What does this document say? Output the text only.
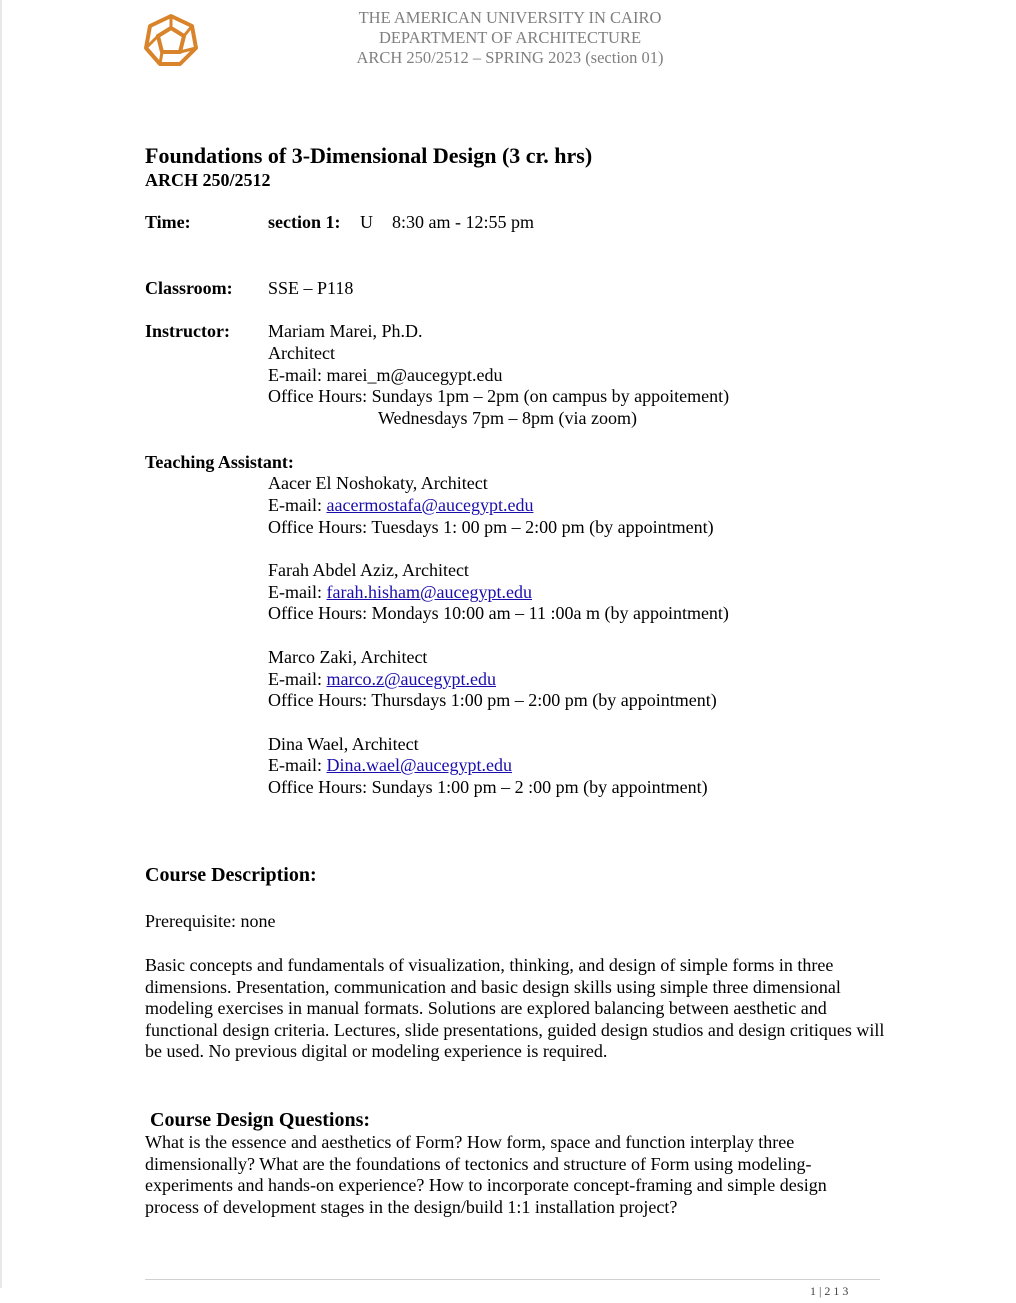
THE AMERICAN UNIVERSITY IN CAIRO
DEPARTMENT OF ARCHITECTURE
ARCH 250/2512 – SPRING 2023 (section 01)
Foundations of 3-Dimensional Design (3 cr. hrs)
ARCH 250/2512
Time:	section 1: U 8:30 am - 12:55 pm
Classroom: SSE – P118
Instructor: Mariam Marei, Ph.D.
Architect
E-mail: marei_m@aucegypt.edu
Office Hours: Sundays 1pm – 2pm (on campus by appoitement)
Wednesdays 7pm – 8pm (via zoom)
Teaching Assistant:
Aacer El Noshokaty, Architect
E-mail: aacermostafa@aucegypt.edu
Office Hours: Tuesdays 1: 00 pm – 2:00 pm (by appointment)
Farah Abdel Aziz, Architect
E-mail: farah.hisham@aucegypt.edu
Office Hours: Mondays 10:00 am – 11 :00a m (by appointment)
Marco Zaki, Architect
E-mail: marco.z@aucegypt.edu
Office Hours: Thursdays 1:00 pm – 2:00 pm (by appointment)
Dina Wael, Architect
E-mail: Dina.wael@aucegypt.edu
Office Hours: Sundays 1:00 pm – 2 :00 pm (by appointment)
Course Description:
Prerequisite: none
Basic concepts and fundamentals of visualization, thinking, and design of simple forms in three dimensions. Presentation, communication and basic design skills using simple three dimensional modeling exercises in manual formats. Solutions are explored balancing between aesthetic and functional design criteria. Lectures, slide presentations, guided design studios and design critiques will be used. No previous digital or modeling experience is required.
Course Design Questions:
What is the essence and aesthetics of Form? How form, space and function interplay three dimensionally? What are the foundations of tectonics and structure of Form using modeling-experiments and hands-on experience? How to incorporate concept-framing and simple design process of development stages in the design/build 1:1 installation project?
1 | 2 1 3
